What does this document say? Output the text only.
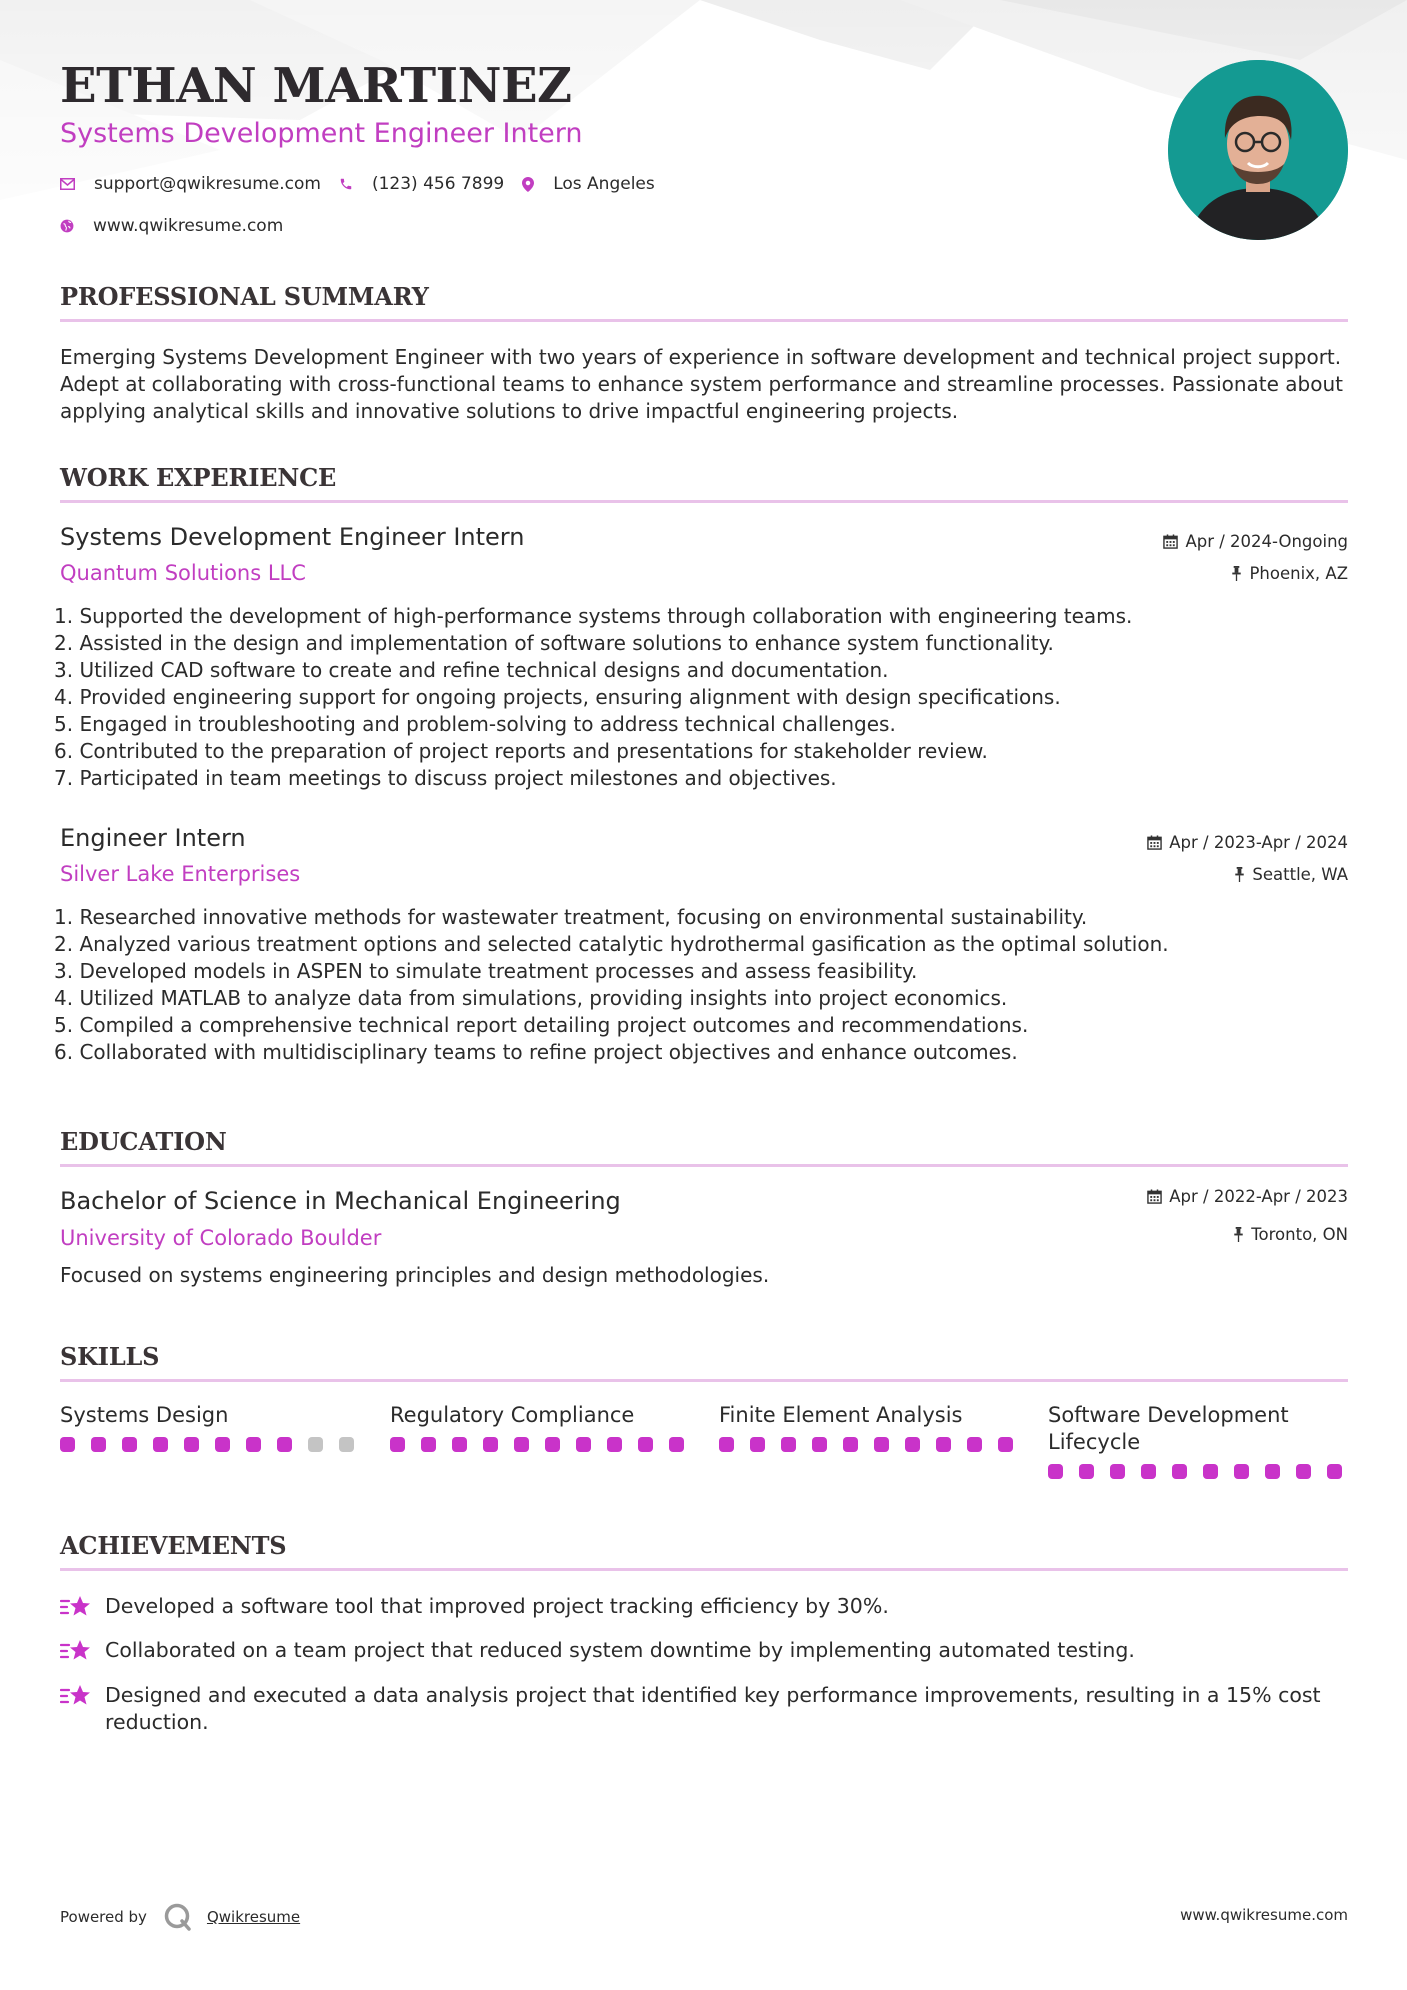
ETHAN MARTINEZ
Systems Development Engineer Intern
support@qwikresume.com	(123) 456 7899	Los Angeles
www.qwikresume.com
PROFESSIONAL SUMMARY
Emerging Systems Development Engineer with two years of experience in software development and technical project support. Adept at collaborating with cross-functional teams to enhance system performance and streamline processes. Passionate about applying analytical skills and innovative solutions to drive impactful engineering projects.
WORK EXPERIENCE
Systems Development Engineer Intern
Quantum Solutions LLC
Apr / 2024-Ongoing
Phoenix, AZ
1. Supported the development of high-performance systems through collaboration with engineering teams.
2. Assisted in the design and implementation of software solutions to enhance system functionality.
3. Utilized CAD software to create and refine technical designs and documentation.
4. Provided engineering support for ongoing projects, ensuring alignment with design specifications.
5. Engaged in troubleshooting and problem-solving to address technical challenges.
6. Contributed to the preparation of project reports and presentations for stakeholder review.
7. Participated in team meetings to discuss project milestones and objectives.
Engineer Intern
Silver Lake Enterprises
Apr / 2023-Apr / 2024
Seattle, WA
1. Researched innovative methods for wastewater treatment, focusing on environmental sustainability.
2. Analyzed various treatment options and selected catalytic hydrothermal gasification as the optimal solution.
3. Developed models in ASPEN to simulate treatment processes and assess feasibility.
4. Utilized MATLAB to analyze data from simulations, providing insights into project economics.
5. Compiled a comprehensive technical report detailing project outcomes and recommendations.
6. Collaborated with multidisciplinary teams to refine project objectives and enhance outcomes.
EDUCATION
Bachelor of Science in Mechanical Engineering
University of Colorado Boulder
Apr / 2022-Apr / 2023
Toronto, ON
Focused on systems engineering principles and design methodologies.
SKILLS
Systems Design	Regulatory Compliance	Finite Element Analysis	Software Development Lifecycle
ACHIEVEMENTS
Developed a software tool that improved project tracking efficiency by 30%.
Collaborated on a team project that reduced system downtime by implementing automated testing.
Designed and executed a data analysis project that identified key performance improvements, resulting in a 15% cost reduction.
Powered by	Qwikresume	www.qwikresume.com
